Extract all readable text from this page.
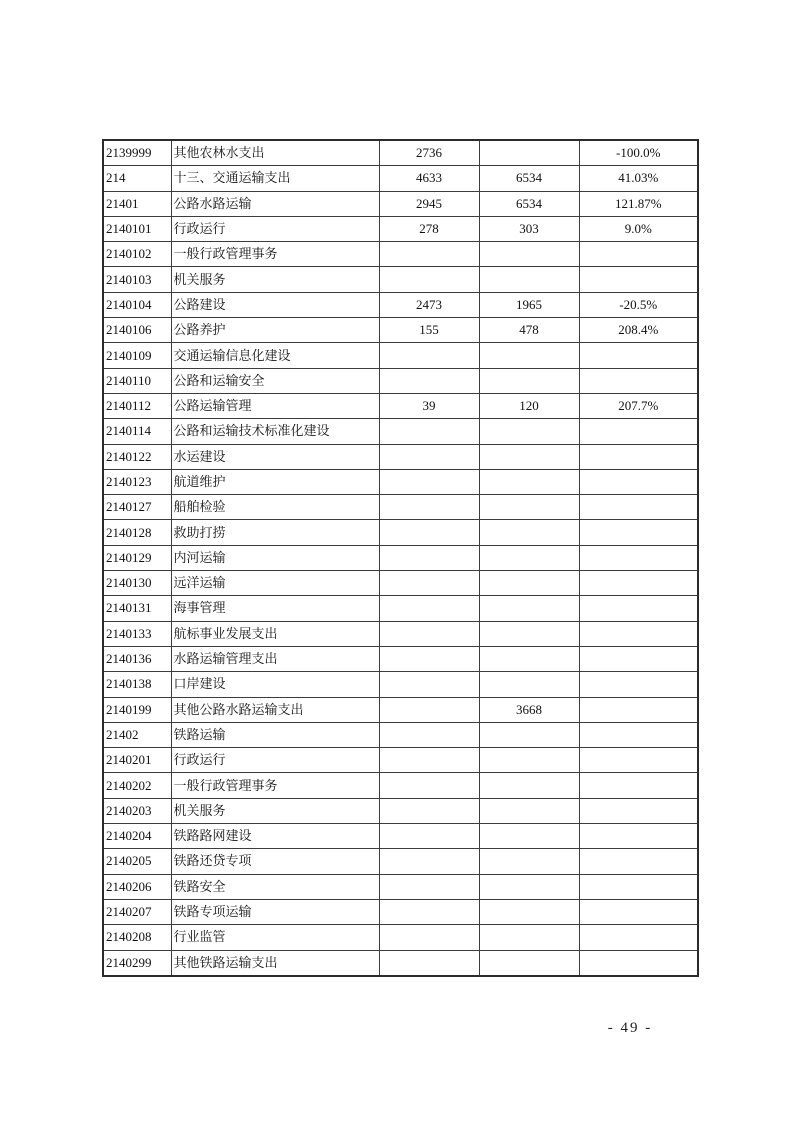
2139999	其他农林水支出	2736		-100.0%
214	十三、交通运输支出	4633	6534	41.03%
21401	公路水路运输	2945	6534	121.87%
2140101	行政运行	278	303	9.0%
2140102	一般行政管理事务			
2140103	机关服务			
2140104	公路建设	2473	1965	-20.5%
2140106	公路养护	155	478	208.4%
2140109	交通运输信息化建设			
2140110	公路和运输安全			
2140112	公路运输管理	39	120	207.7%
2140114	公路和运输技术标准化建设			
2140122	水运建设			
2140123	航道维护			
2140127	船舶检验			
2140128	救助打捞			
2140129	内河运输			
2140130	远洋运输			
2140131	海事管理			
2140133	航标事业发展支出			
2140136	水路运输管理支出			
2140138	口岸建设			
2140199	其他公路水路运输支出		3668	
21402	铁路运输			
2140201	行政运行			
2140202	一般行政管理事务			
2140203	机关服务			
2140204	铁路路网建设			
2140205	铁路还贷专项			
2140206	铁路安全			
2140207	铁路专项运输			
2140208	行业监管			
2140299	其他铁路运输支出			
- 49 -
